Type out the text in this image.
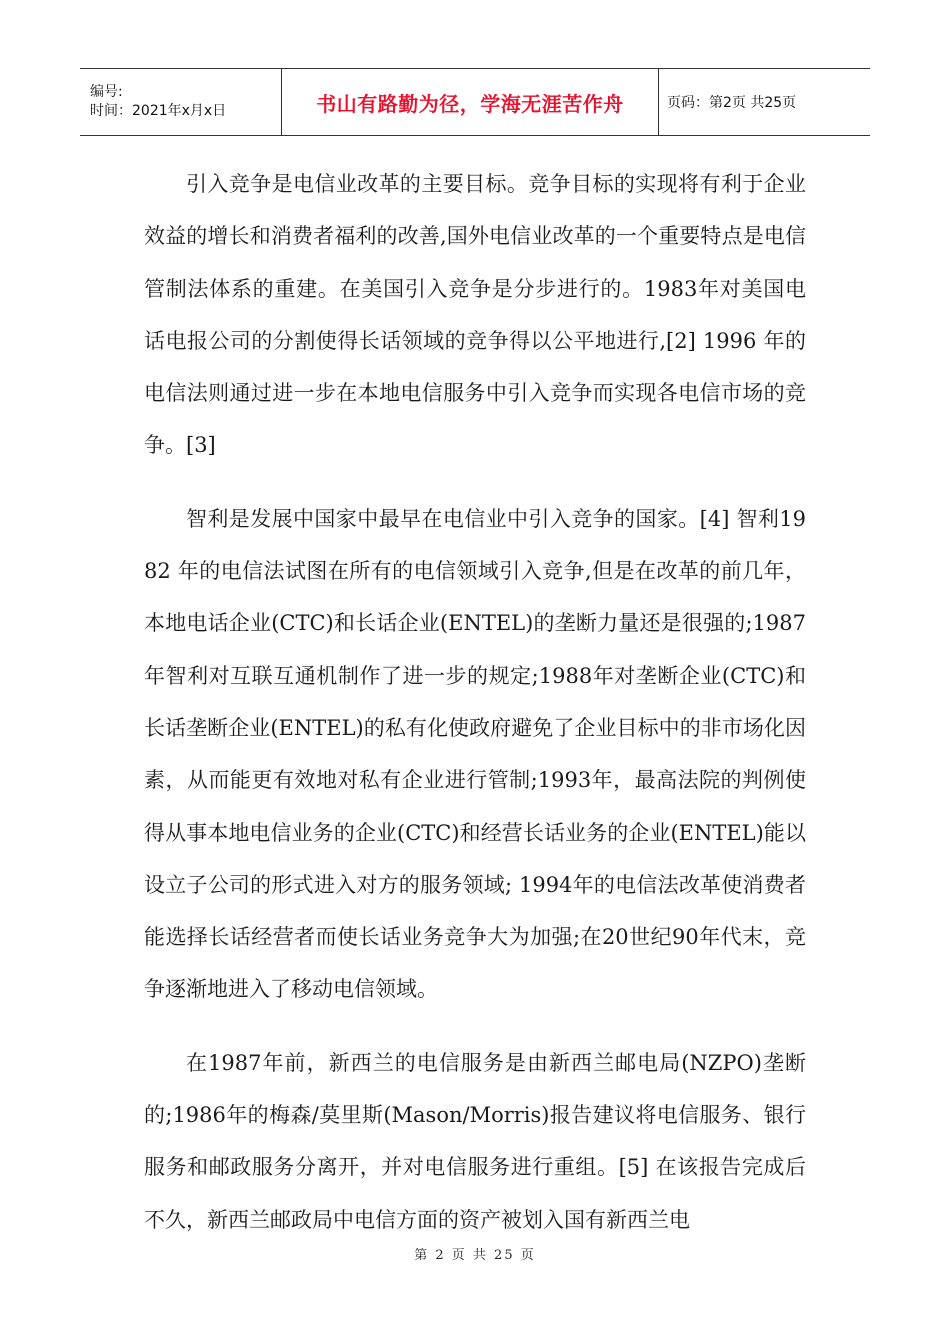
编号:
时间：2021年x月x日	书山有路勤为径，学海无涯苦作舟	页码：第2页 共25页

引入竞争是电信业改革的主要目标。竞争目标的实现将有利于企业效益的增长和消费者福利的改善,国外电信业改革的一个重要特点是电信管制法体系的重建。在美国引入竞争是分步进行的。1983年对美国电话电报公司的分割使得长话领域的竞争得以公平地进行,[2] 1996 年的电信法则通过进一步在本地电信服务中引入竞争而实现各电信市场的竞争。[3]

智利是发展中国家中最早在电信业中引入竞争的国家。[4] 智利1982 年的电信法试图在所有的电信领域引入竞争,但是在改革的前几年，本地电话企业(CTC)和长话企业(ENTEL)的垄断力量还是很强的;1987年智利对互联互通机制作了进一步的规定;1988年对垄断企业(CTC)和长话垄断企业(ENTEL)的私有化使政府避免了企业目标中的非市场化因素，从而能更有效地对私有企业进行管制;1993年，最高法院的判例使得从事本地电信业务的企业(CTC)和经营长话业务的企业(ENTEL)能以设立子公司的形式进入对方的服务领域; 1994年的电信法改革使消费者能选择长话经营者而使长话业务竞争大为加强;在20世纪90年代末，竞争逐渐地进入了移动电信领域。

在1987年前，新西兰的电信服务是由新西兰邮电局(NZPO)垄断的;1986年的梅森/莫里斯(Mason/Morris)报告建议将电信服务、银行服务和邮政服务分离开，并对电信服务进行重组。[5] 在该报告完成后不久，新西兰邮政局中电信方面的资产被划入国有新西兰电

第 2 页 共 25 页
